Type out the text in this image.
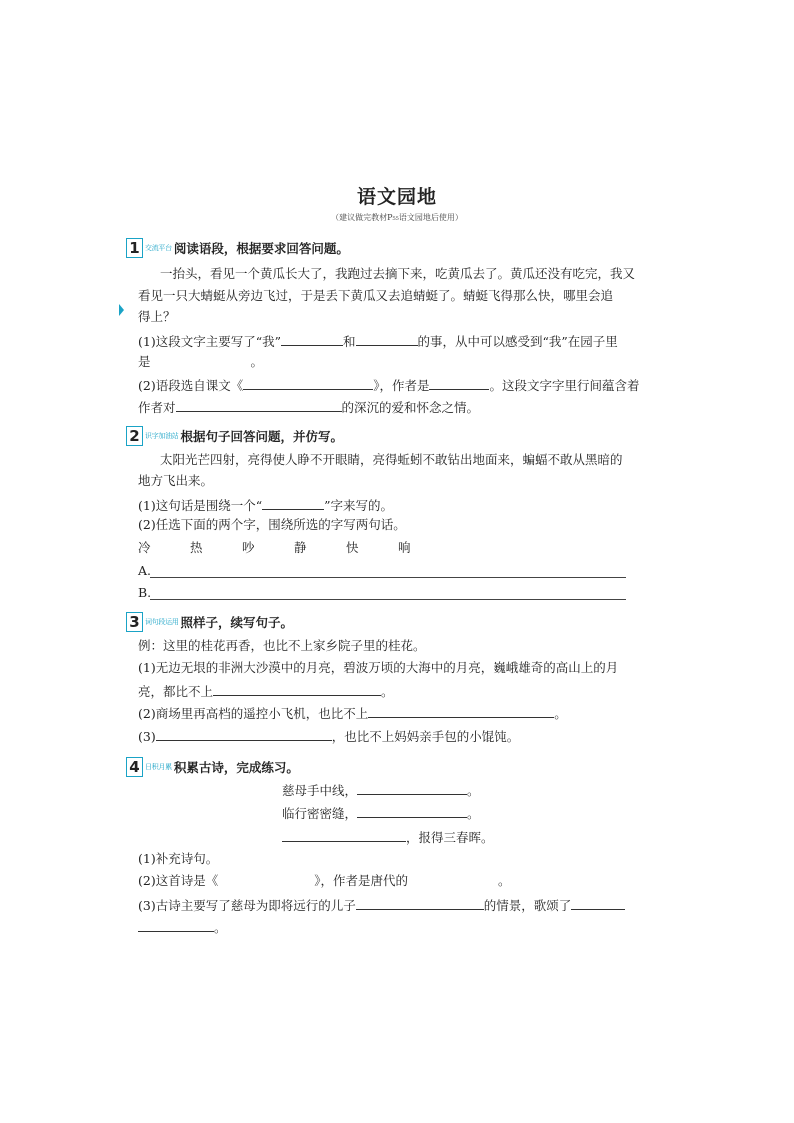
语文园地
（建议做完教材P₅₅语文园地后使用）
1 交流平台 阅读语段，根据要求回答问题。
一抬头，看见一个黄瓜长大了，我跑过去摘下来，吃黄瓜去了。黄瓜还没有吃完，我又
看见一只大蜻蜓从旁边飞过，于是丢下黄瓜又去追蜻蜓了。蜻蜓飞得那么快，哪里会追
得上？
(1)这段文字主要写了“我”	和	的事，从中可以感受到“我”在园子里
是	。
(2)语段选自课文《	》，作者是	。这段文字字里行间蕴含着
作者对	的深沉的爱和怀念之情。
2 识字加油站 根据句子回答问题，并仿写。
太阳光芒四射，亮得使人睁不开眼睛，亮得蚯蚓不敢钻出地面来，蝙蝠不敢从黑暗的
地方飞出来。
(1)这句话是围绕一个“	”字来写的。
(2)任选下面的两个字，围绕所选的字写两句话。
冷	热	吵	静	快	响
A.
B.
3 词句段运用 照样子，续写句子。
例：这里的桂花再香，也比不上家乡院子里的桂花。
(1)无边无垠的非洲大沙漠中的月亮，碧波万顷的大海中的月亮，巍峨雄奇的高山上的月
亮，都比不上	。
(2)商场里再高档的遥控小飞机，也比不上	。
(3)	，也比不上妈妈亲手包的小馄饨。
4 日积月累 积累古诗，完成练习。
慈母手中线，	。
临行密密缝，	。
，报得三春晖。
(1)补充诗句。
(2)这首诗是《	》，作者是唐代的	。
(3)古诗主要写了慈母为即将远行的儿子	的情景，歌颂了
。
